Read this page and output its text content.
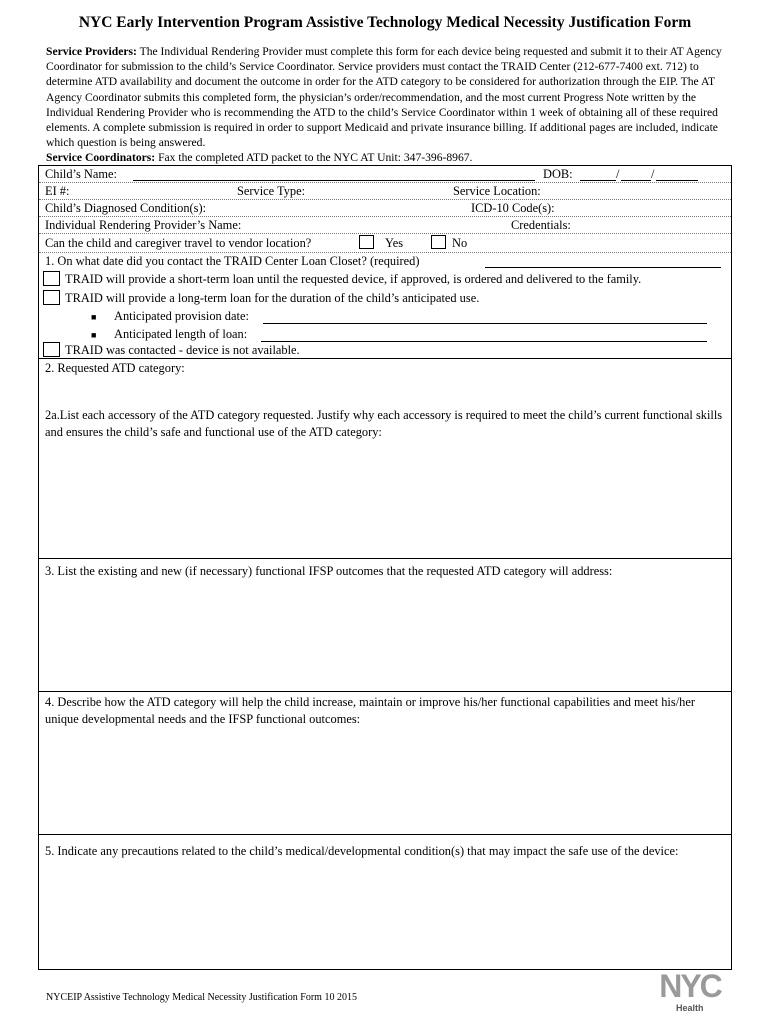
NYC Early Intervention Program Assistive Technology Medical Necessity Justification Form

Service Providers: The Individual Rendering Provider must complete this form for each device being requested and submit it to their AT Agency Coordinator for submission to the child’s Service Coordinator. Service providers must contact the TRAID Center (212-677-7400 ext. 712) to determine ATD availability and document the outcome in order for the ATD category to be considered for authorization through the EIP. The AT Agency Coordinator submits this completed form, the physician’s order/recommendation, and the most current Progress Note written by the Individual Rendering Provider who is recommending the ATD to the child’s Service Coordinator within 1 week of obtaining all of these required elements. A complete submission is required in order to support Medicaid and private insurance billing. If additional pages are included, indicate which question is being answered.

Service Coordinators: Fax the completed ATD packet to the NYC AT Unit: 347-396-8967.

Child’s Name:	DOB:	/	/
EI #:	Service Type:	Service Location:
Child’s Diagnosed Condition(s):	ICD-10 Code(s):
Individual Rendering Provider’s Name:	Credentials:
Can the child and caregiver travel to vendor location?	Yes	No
1. On what date did you contact the TRAID Center Loan Closet? (required)
TRAID will provide a short-term loan until the requested device, if approved, is ordered and delivered to the family.
TRAID will provide a long-term loan for the duration of the child’s anticipated use.
■ Anticipated provision date:
■ Anticipated length of loan:
TRAID was contacted - device is not available.
2. Requested ATD category:
2a.List each accessory of the ATD category requested. Justify why each accessory is required to meet the child’s current functional skills and ensures the child’s safe and functional use of the ATD category:
3. List the existing and new (if necessary) functional IFSP outcomes that the requested ATD category will address:
4. Describe how the ATD category will help the child increase, maintain or improve his/her functional capabilities and meet his/her unique developmental needs and the IFSP functional outcomes:
5. Indicate any precautions related to the child’s medical/developmental condition(s) that may impact the safe use of the device:
NYCEIP Assistive Technology Medical Necessity Justification Form 10 2015	NYC
Health
